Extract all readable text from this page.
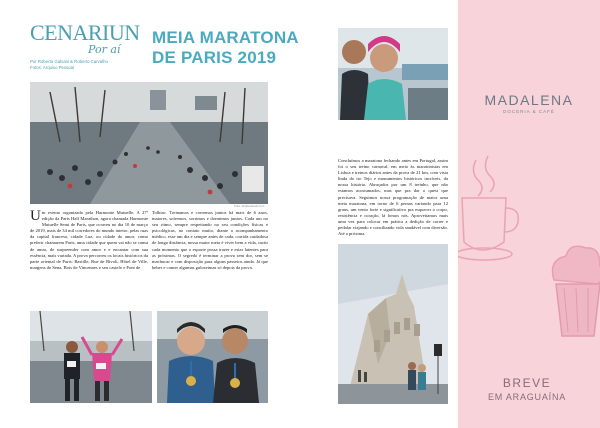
CENARIUN
Por aí
Por Roberto Galvani & Roberto Carvalho
Fotos: Arquivo Pessoal
MEIA MARATONA
DE PARIS 2019
Foto: shutterstock.com
Um evento organizado pela Harmonie Mutuelle, A 27ª edição da Paris Half Marathon, agora chamada Harmonie Mutuelle Semi de Paris, que ocorreu no dia 10 de março de 2019, mais de 34 mil corredores do mundo inteiro, pelas ruas da capital francesa, cidade Luz, ou cidade do amor, como preferir chamarem Paris, uma cidade que quem vai não se cansa de amar, de surpreender com amor e e encantar com sua essência, mais variada. A prova percorreu os locais históricos da parte oriental de Paris: Bastille, Rue de Rivoli, Hôtel de Ville, margens do Sena, Bois de Vincennes e seu castelo e Pont de
Tolbiac. Treinamos e corremos juntos há mais de 6 anos, maiores, sofremos, sorrimos e dormimos juntos. Cada um no seu ritmo, sempre respeitando no seu condições físicas e psicológicas, no contato muito, diante a acompanhamento médico, esse um dia e sempre antes de cada, corrida cuidadosa de longa distância, nossa maior meta é viver bem a vida, curtir cada momento que o esporte possa trazer e estar latentes para as próximas. O segredo é terminar a prova sem dor, sem se machucar e com disposição para alguns passeios ainda. Já que beber e comer algumas guloseimas só depois da prova.
Concluímos a maratona fechando antes em Portugal, assim foi o seu treino carnaval, em meio às maratonistas em Lisboa e treinos diários antes da prova de 21 km, com vista linda do rio Tejo e monumentos históricos incríveis, da nossa história. Abraçados por um 8 treinho, que não estamos acostumados, mas que pra dar o quest que precisava. Seguimos nossa programação de maior uma meia maratona, em torno de 6 pernas variando para 12 graus, um vento forte e significativo pra esquecer o corpo, resistência e coração, lá fomos nós. Aproveitamos mais uma vez para colocar em prática a dedição de correr e pedalar viajando e conciliando vida saudável com diversão. Até a próxima.
MADALENA
DOCERIA & CAFÉ
BREVE
EM ARAGUAÍNA
